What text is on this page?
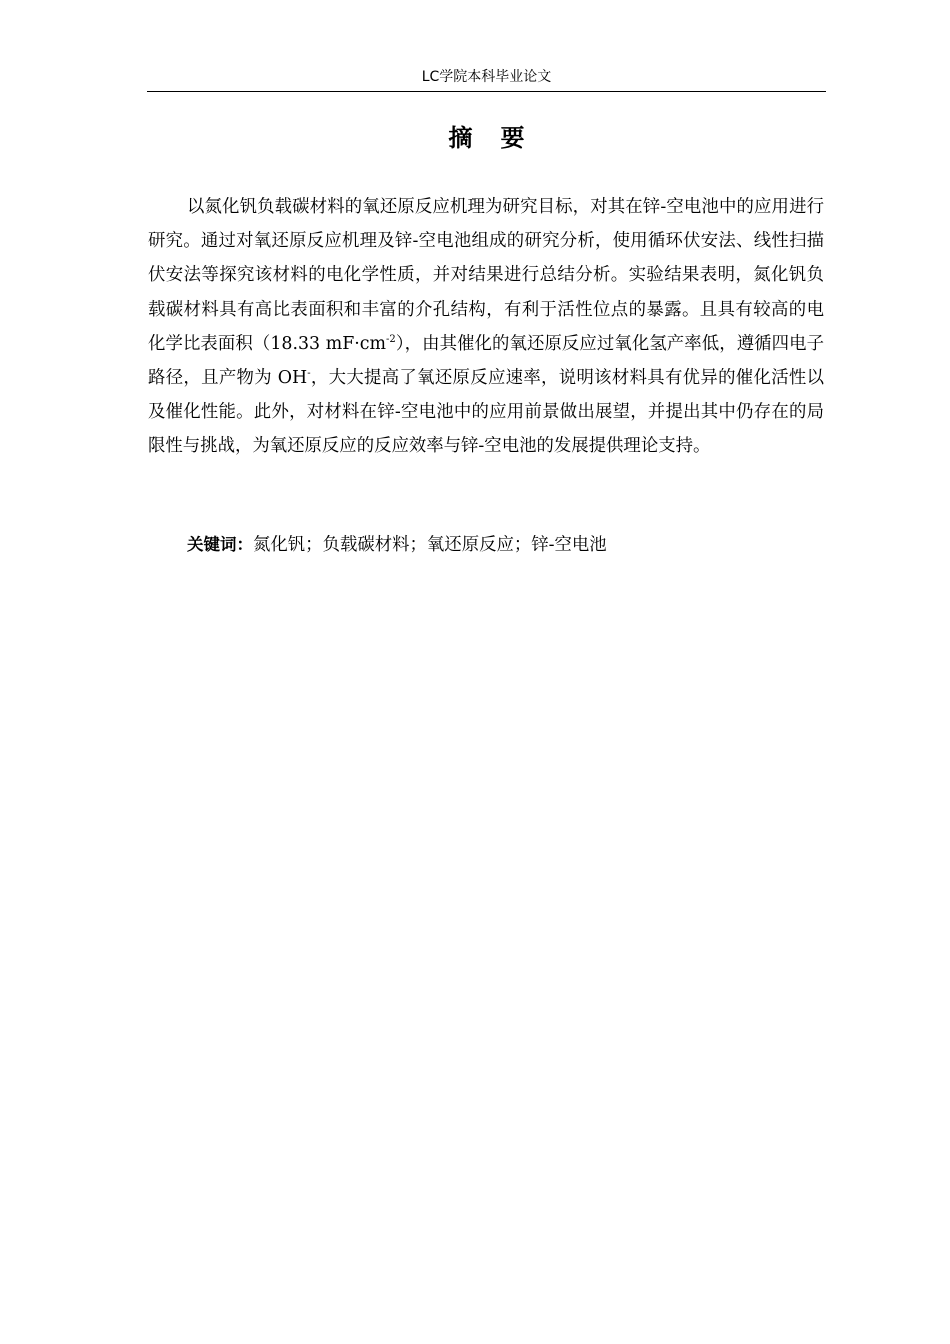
LC学院本科毕业论文
摘要

以氮化钒负载碳材料的氧还原反应机理为研究目标，对其在锌-空电池中的应用进行研究。通过对氧还原反应机理及锌-空电池组成的研究分析，使用循环伏安法、线性扫描伏安法等探究该材料的电化学性质，并对结果进行总结分析。实验结果表明，氮化钒负载碳材料具有高比表面积和丰富的介孔结构，有利于活性位点的暴露。且具有较高的电化学比表面积（18.33 $mF\cdot cm^{-2}$），由其催化的氧还原反应过氧化氢产率低，遵循四电子路径，且产物为 OH-，大大提高了氧还原反应速率，说明该材料具有优异的催化活性以及催化性能。此外，对材料在锌-空电池中的应用前景做出展望，并提出其中仍存在的局限性与挑战，为氧还原反应的反应效率与锌-空电池的发展提供理论支持。

关键词：氮化钒；负载碳材料；氧还原反应；锌-空电池
